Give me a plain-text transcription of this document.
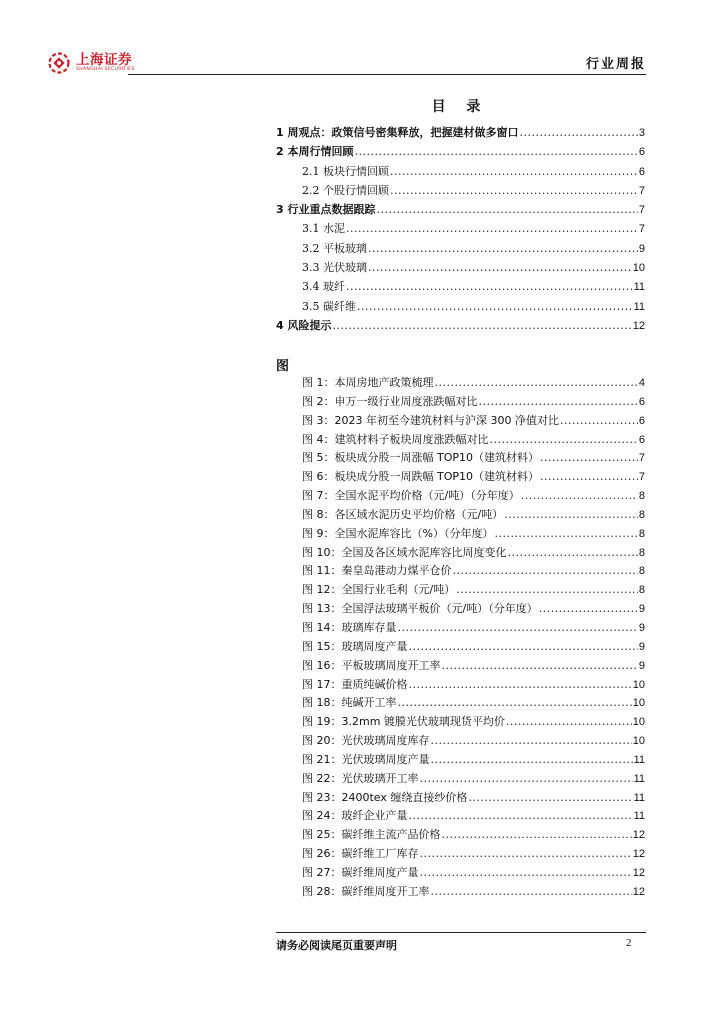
上海证券
SHANGHAI SECURITIES	行业周报
目 录
1 周观点：政策信号密集释放，把握建材做多窗口 .....	3
2 本周行情回顾 .....	6
2.1 板块行情回顾 .....	6
2.2 个股行情回顾 .....	7
3 行业重点数据跟踪 .....	7
3.1 水泥 .....	7
3.2 平板玻璃 .....	9
3.3 光伏玻璃 .....	10
3.4 玻纤 .....	11
3.5 碳纤维 .....	11
4 风险提示 .....	12
图
图 1：本周房地产政策梳理 .....	4
图 2：申万一级行业周度涨跌幅对比 .....	6
图 3：2023 年初至今建筑材料与沪深 300 净值对比 .....	6
图 4：建筑材料子板块周度涨跌幅对比 .....	6
图 5：板块成分股一周涨幅 TOP10（建筑材料） .....	7
图 6：板块成分股一周跌幅 TOP10（建筑材料） .....	7
图 7：全国水泥平均价格（元/吨）（分年度） .....	8
图 8：各区域水泥历史平均价格（元/吨） .....	8
图 9：全国水泥库容比（%）（分年度） .....	8
图 10：全国及各区域水泥库容比周度变化 .....	8
图 11：秦皇岛港动力煤平仓价 .....	8
图 12：全国行业毛利（元/吨） .....	8
图 13：全国浮法玻璃平板价（元/吨）（分年度） .....	9
图 14：玻璃库存量 .....	9
图 15：玻璃周度产量 .....	9
图 16：平板玻璃周度开工率 .....	9
图 17：重质纯碱价格 .....	10
图 18：纯碱开工率 .....	10
图 19：3.2mm 镀膜光伏玻璃现货平均价 .....	10
图 20：光伏玻璃周度库存 .....	10
图 21：光伏玻璃周度产量 .....	11
图 22：光伏玻璃开工率 .....	11
图 23：2400tex 缠绕直接纱价格 .....	11
图 24：玻纤企业产量 .....	11
图 25：碳纤维主流产品价格 .....	12
图 26：碳纤维工厂库存 .....	12
图 27：碳纤维周度产量 .....	12
图 28：碳纤维周度开工率 .....	12
请务必阅读尾页重要声明	2
